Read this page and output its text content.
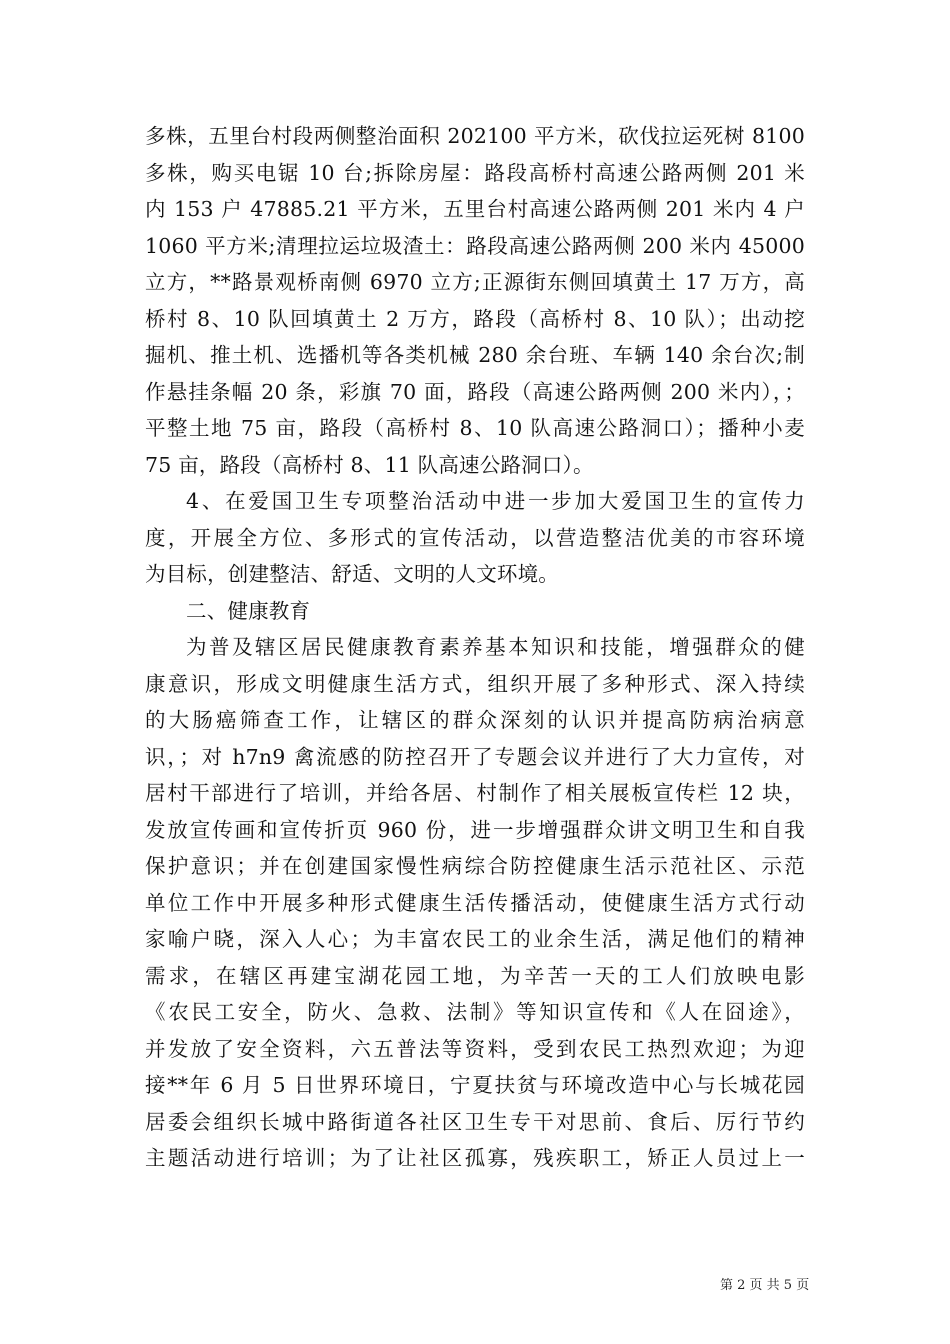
多株，五里台村段两侧整治面积 202100 平方米，砍伐拉运死树 8100
多株，购买电锯 10 台;拆除房屋：路段高桥村高速公路两侧 201 米
内 153 户 47885.21 平方米，五里台村高速公路两侧 201 米内 4 户
1060 平方米;清理拉运垃圾渣土：路段高速公路两侧 200 米内 45000
立方，**路景观桥南侧 6970 立方;正源街东侧回填黄土 17 万方，高
桥村 8、10 队回填黄土 2 万方，路段（高桥村 8、10 队）；出动挖
掘机、推土机、选播机等各类机械 280 余台班、车辆 140 余台次;制
作悬挂条幅 20 条，彩旗 70 面，路段（高速公路两侧 200 米内），；
平整土地 75 亩，路段（高桥村 8、10 队高速公路洞口）；播种小麦
75 亩，路段（高桥村 8、11 队高速公路洞口）。
4、在爱国卫生专项整治活动中进一步加大爱国卫生的宣传力
度，开展全方位、多形式的宣传活动，以营造整洁优美的市容环境
为目标，创建整洁、舒适、文明的人文环境。
二、健康教育
为普及辖区居民健康教育素养基本知识和技能，增强群众的健
康意识，形成文明健康生活方式，组织开展了多种形式、深入持续
的大肠癌筛查工作，让辖区的群众深刻的认识并提高防病治病意
识，；对 h7n9 禽流感的防控召开了专题会议并进行了大力宣传，对
居村干部进行了培训，并给各居、村制作了相关展板宣传栏 12 块，
发放宣传画和宣传折页 960 份，进一步增强群众讲文明卫生和自我
保护意识；并在创建国家慢性病综合防控健康生活示范社区、示范
单位工作中开展多种形式健康生活传播活动，使健康生活方式行动
家喻户晓，深入人心；为丰富农民工的业余生活，满足他们的精神
需求，在辖区再建宝湖花园工地，为辛苦一天的工人们放映电影
《农民工安全，防火、急救、法制》等知识宣传和《人在囧途》，
并发放了安全资料，六五普法等资料，受到农民工热烈欢迎；为迎
接**年 6 月 5 日世界环境日，宁夏扶贫与环境改造中心与长城花园
居委会组织长城中路街道各社区卫生专干对思前、食后、厉行节约
主题活动进行培训；为了让社区孤寡，残疾职工，矫正人员过上一
第 2 页 共 5 页
